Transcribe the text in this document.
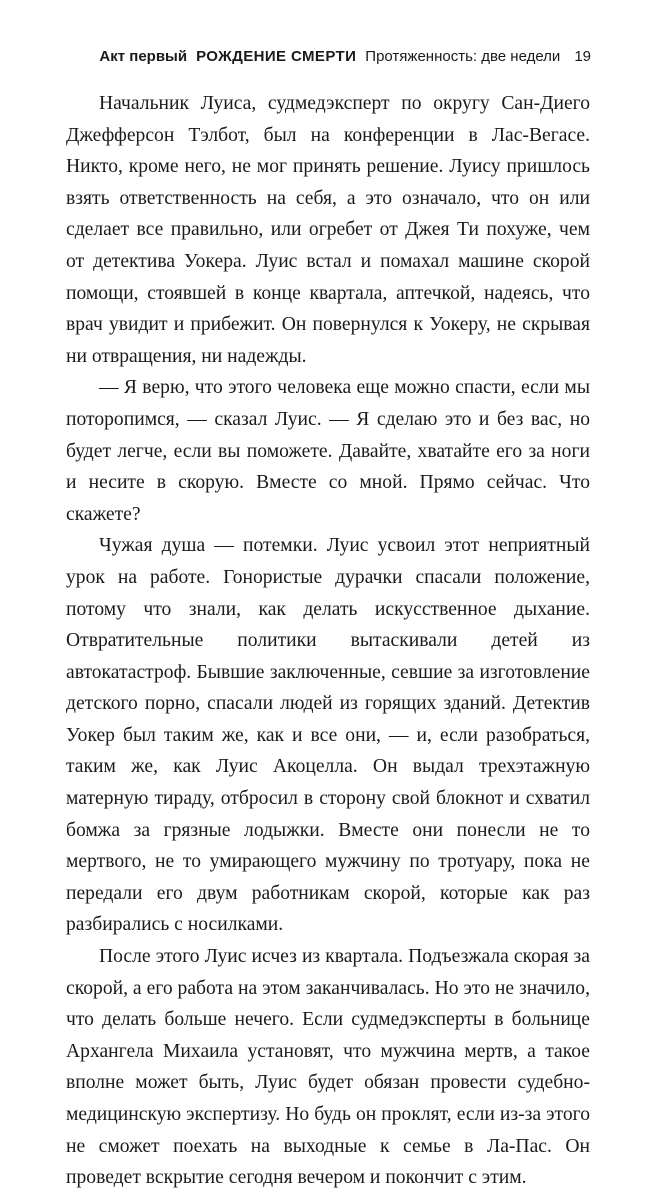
Акт первый РОЖДЕНИЕ СМЕРТИ Протяженность: две недели 19

Начальник Луиса, судмедэксперт по округу Сан-Диего Джефферсон Тэлбот, был на конференции в Лас-Вегасе. Никто, кроме него, не мог принять решение. Луису пришлось взять ответственность на себя, а это означало, что он или сделает все правильно, или огребет от Джея Ти похуже, чем от детектива Уокера. Луис встал и помахал машине скорой помощи, стоявшей в конце квартала, аптечкой, надеясь, что врач увидит и прибежит. Он повернулся к Уокеру, не скрывая ни отвращения, ни надежды.

— Я верю, что этого человека еще можно спасти, если мы поторопимся, — сказал Луис. — Я сделаю это и без вас, но будет легче, если вы поможете. Давайте, хватайте его за ноги и несите в скорую. Вместе со мной. Прямо сейчас. Что скажете?

Чужая душа — потемки. Луис усвоил этот неприятный урок на работе. Гонористые дурачки спасали положение, потому что знали, как делать искусственное дыхание. Отвратительные политики вытаскивали детей из автокатастроф. Бывшие заключенные, севшие за изготовление детского порно, спасали людей из горящих зданий. Детектив Уокер был таким же, как и все они, — и, если разобраться, таким же, как Луис Акоцелла. Он выдал трехэтажную матерную тираду, отбросил в сторону свой блокнот и схватил бомжа за грязные лодыжки. Вместе они понесли не то мертвого, не то умирающего мужчину по тротуару, пока не передали его двум работникам скорой, которые как раз разбирались с носилками.

После этого Луис исчез из квартала. Подъезжала скорая за скорой, а его работа на этом заканчивалась. Но это не значило, что делать больше нечего. Если судмедэксперты в больнице Архангела Михаила установят, что мужчина мертв, а такое вполне может быть, Луис будет обязан провести судебно-медицинскую экспертизу. Но будь он проклят, если из-за этого не сможет поехать на выходные к семье в Ла-Пас. Он проведет вскрытие сегодня вечером и покончит с этим.
